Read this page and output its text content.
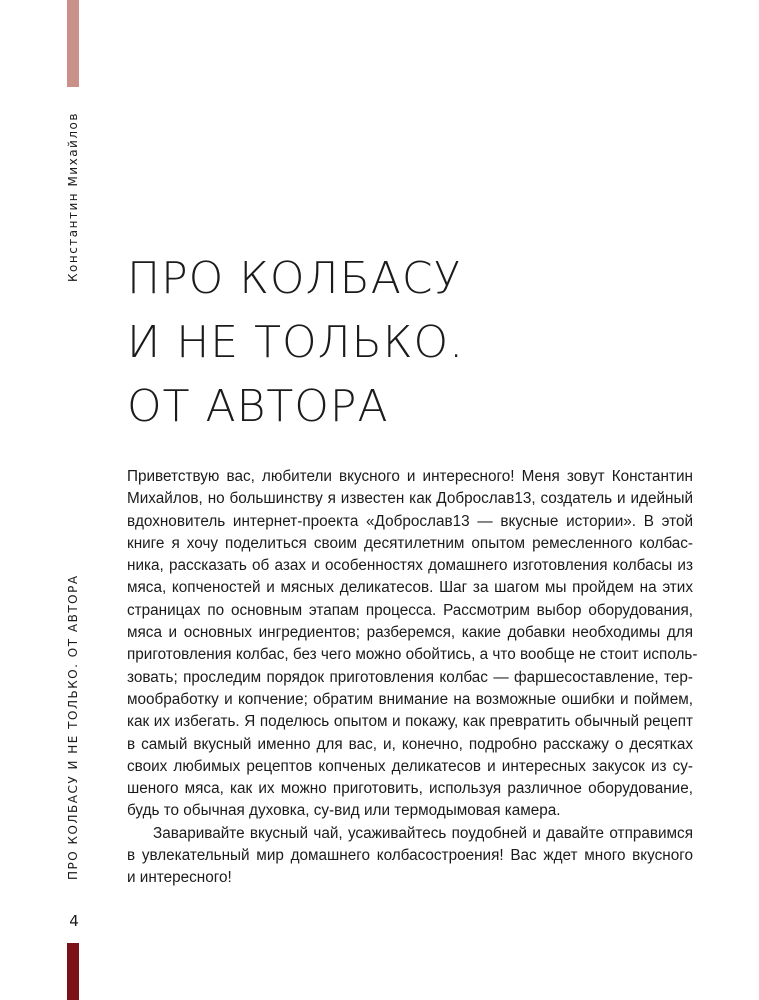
Константин Михайлов ПРО КОЛБАСУ
И НЕ ТОЛЬКО.
ОТ АВТОРА
Приветствую вас, любители вкусного и интересного! Меня зовут Константин
Михайлов, но большинству я известен как Доброслав13, создатель и идейный
вдохновитель интернет-проекта «Доброслав13 — вкусные истории». В этой
книге я хочу поделиться своим десятилетним опытом ремесленного колбас-
ника, рассказать об азах и особенностях домашнего изготовления колбасы из
мяса, копченостей и мясных деликатесов. Шаг за шагом мы пройдем на этих
страницах по основным этапам процесса. Рассмотрим выбор оборудования,
мяса и основных ингредиентов; разберемся, какие добавки необходимы для
приготовления колбас, без чего можно обойтись, а что вообще не стоит исполь-
зовать; проследим порядок приготовления колбас — фаршесоставление, тер-
мообработку и копчение; обратим внимание на возможные ошибки и поймем,
как их избегать. Я поделюсь опытом и покажу, как превратить обычный рецепт
в самый вкусный именно для вас, и, конечно, подробно расскажу о десятках
своих любимых рецептов копченых деликатесов и интересных закусок из су-
шеного мяса, как их можно приготовить, используя различное оборудование,
будь то обычная духовка, су-вид или термодымовая камера.
Заваривайте вкусный чай, усаживайтесь поудобней и давайте отправимся
в увлекательный мир домашнего колбасостроения! Вас ждет много вкусного
и интересного!
ПРО КОЛБАСУ И НЕ ТОЛЬКО. ОТ АВТОРА
4
